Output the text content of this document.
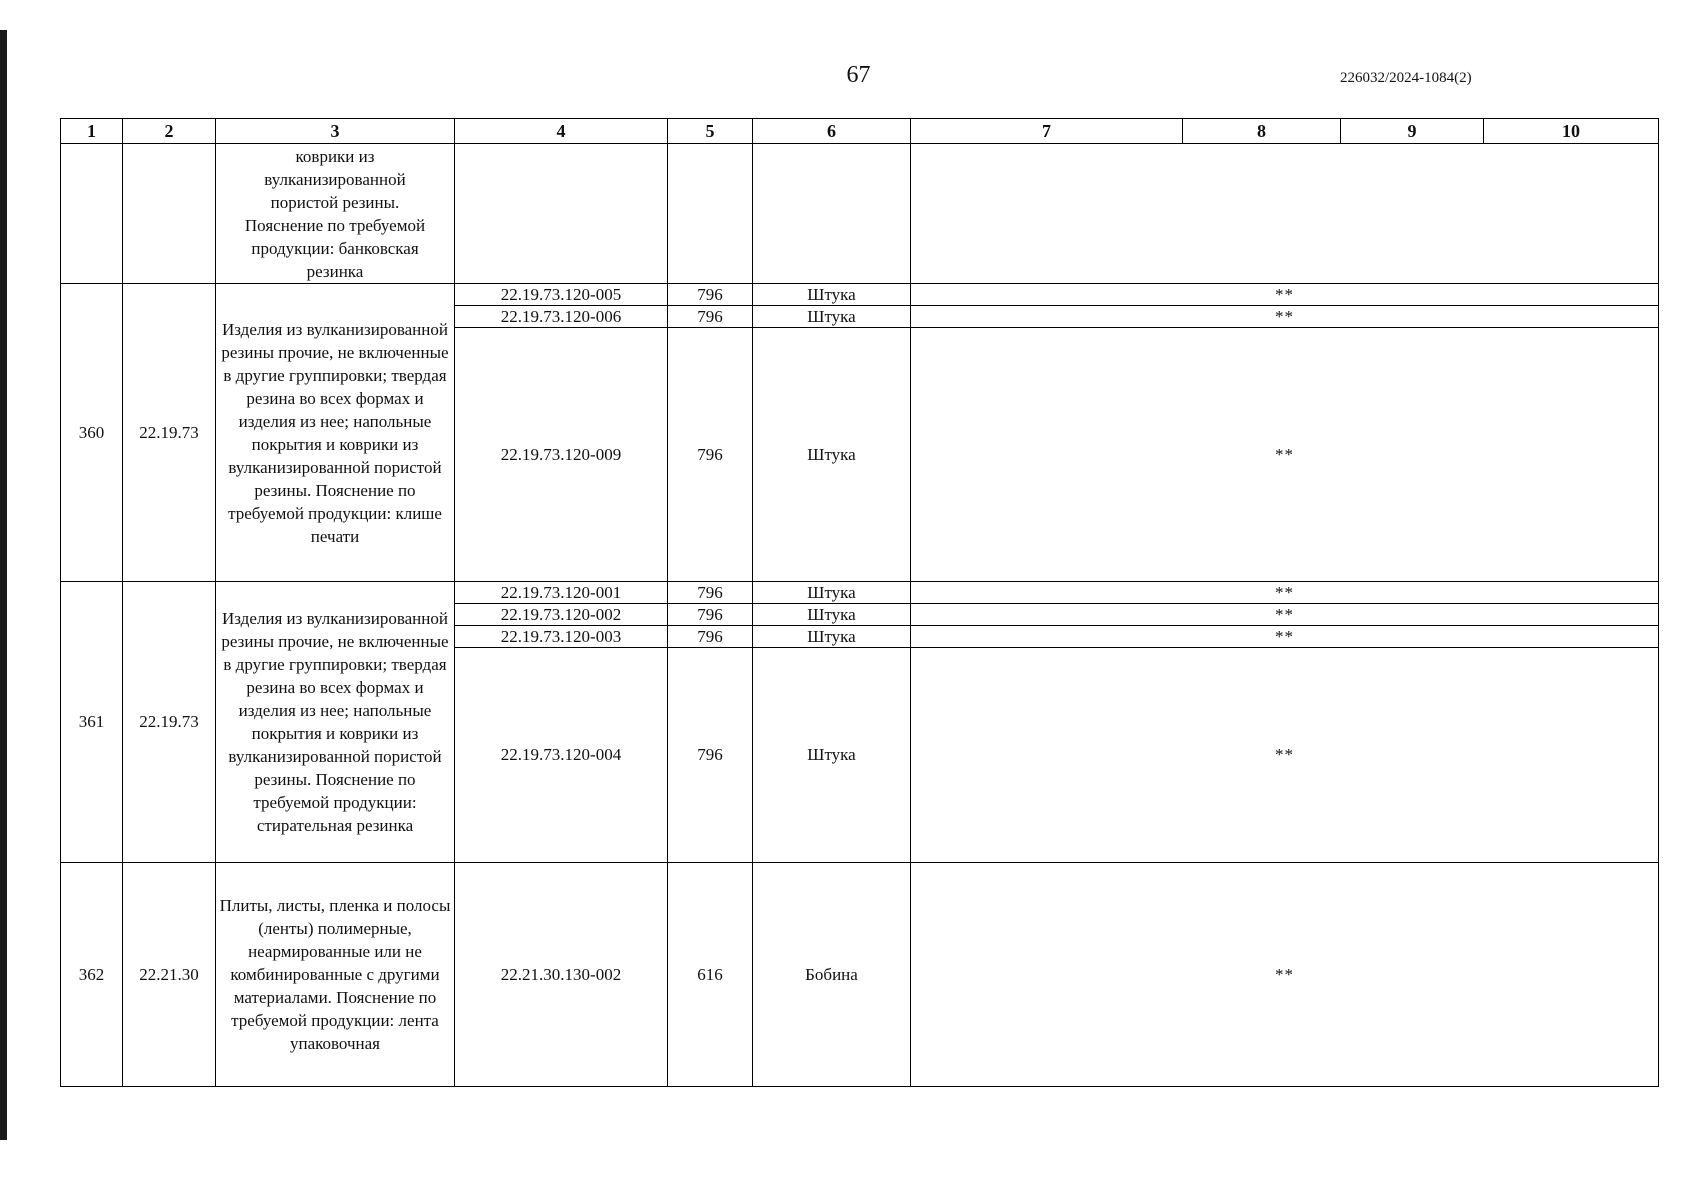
67	226032/2024-1084(2)
1	2	3	4	5	6	7	8	9	10
		коврики из вулканизированной пористой резины. Пояснение по требуемой продукции: банковская резинка							
360	22.19.73	Изделия из вулканизированной резины прочие, не включенные в другие группировки; твердая резина во всех формах и изделия из нее; напольные покрытия и коврики из вулканизированной пористой резины. Пояснение по требуемой продукции: клише печати	22.19.73.120-005	796	Штука	**			
			22.19.73.120-006	796	Штука	**			
			22.19.73.120-009	796	Штука	**			
361	22.19.73	Изделия из вулканизированной резины прочие, не включенные в другие группировки; твердая резина во всех формах и изделия из нее; напольные покрытия и коврики из вулканизированной пористой резины. Пояснение по требуемой продукции: стирательная резинка	22.19.73.120-001	796	Штука	**			
			22.19.73.120-002	796	Штука	**			
			22.19.73.120-003	796	Штука	**			
			22.19.73.120-004	796	Штука	**			
362	22.21.30	Плиты, листы, пленка и полосы (ленты) полимерные, неармированные или не комбинированные с другими материалами. Пояснение по требуемой продукции: лента упаковочная	22.21.30.130-002	616	Бобина	**			
